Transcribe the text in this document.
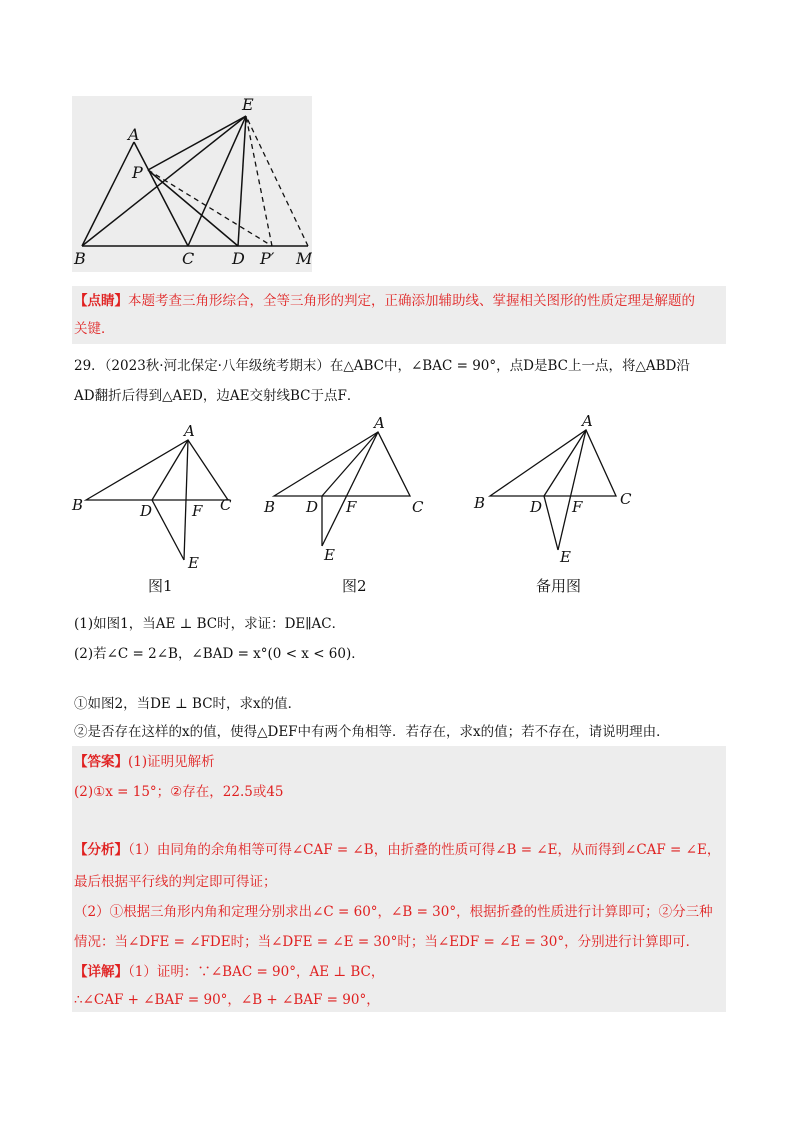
E
A
P
B	C D P′ M
【点睛】本题考查三角形综合，全等三角形的判定，正确添加辅助线、掌握相关图形的性质定理是解题的
关键．
29．（2023秋·河北保定·八年级统考期末）在△ABC中，∠BAC = 90°，点D是BC上一点，将△ABD沿
AD翻折后得到△AED，边AE交射线BC于点F．
A
B	D	F C
E
A
B D F	C
E
A
B	D F	C
E
图1	图2	备用图
(1)如图1，当AE ⊥ BC时，求证：DE∥AC．
(2)若∠C = 2∠B，∠BAD = x°(0 < x < 60)．
①如图2，当DE ⊥ BC时，求x的值．
②是否存在这样的x的值，使得△DEF中有两个角相等．若存在，求x的值；若不存在，请说明理由．
【答案】(1)证明见解析
(2)①x = 15°；②存在，22.5或45
【分析】（1）由同角的余角相等可得∠CAF = ∠B，由折叠的性质可得∠B = ∠E，从而得到∠CAF = ∠E，
最后根据平行线的判定即可得证；
（2）①根据三角形内角和定理分别求出∠C = 60°，∠B = 30°，根据折叠的性质进行计算即可；②分三种
情况：当∠DFE = ∠FDE时；当∠DFE = ∠E = 30°时；当∠EDF = ∠E = 30°，分别进行计算即可．
【详解】（1）证明：∵∠BAC = 90°，AE ⊥ BC，
∴∠CAF + ∠BAF = 90°，∠B + ∠BAF = 90°，
